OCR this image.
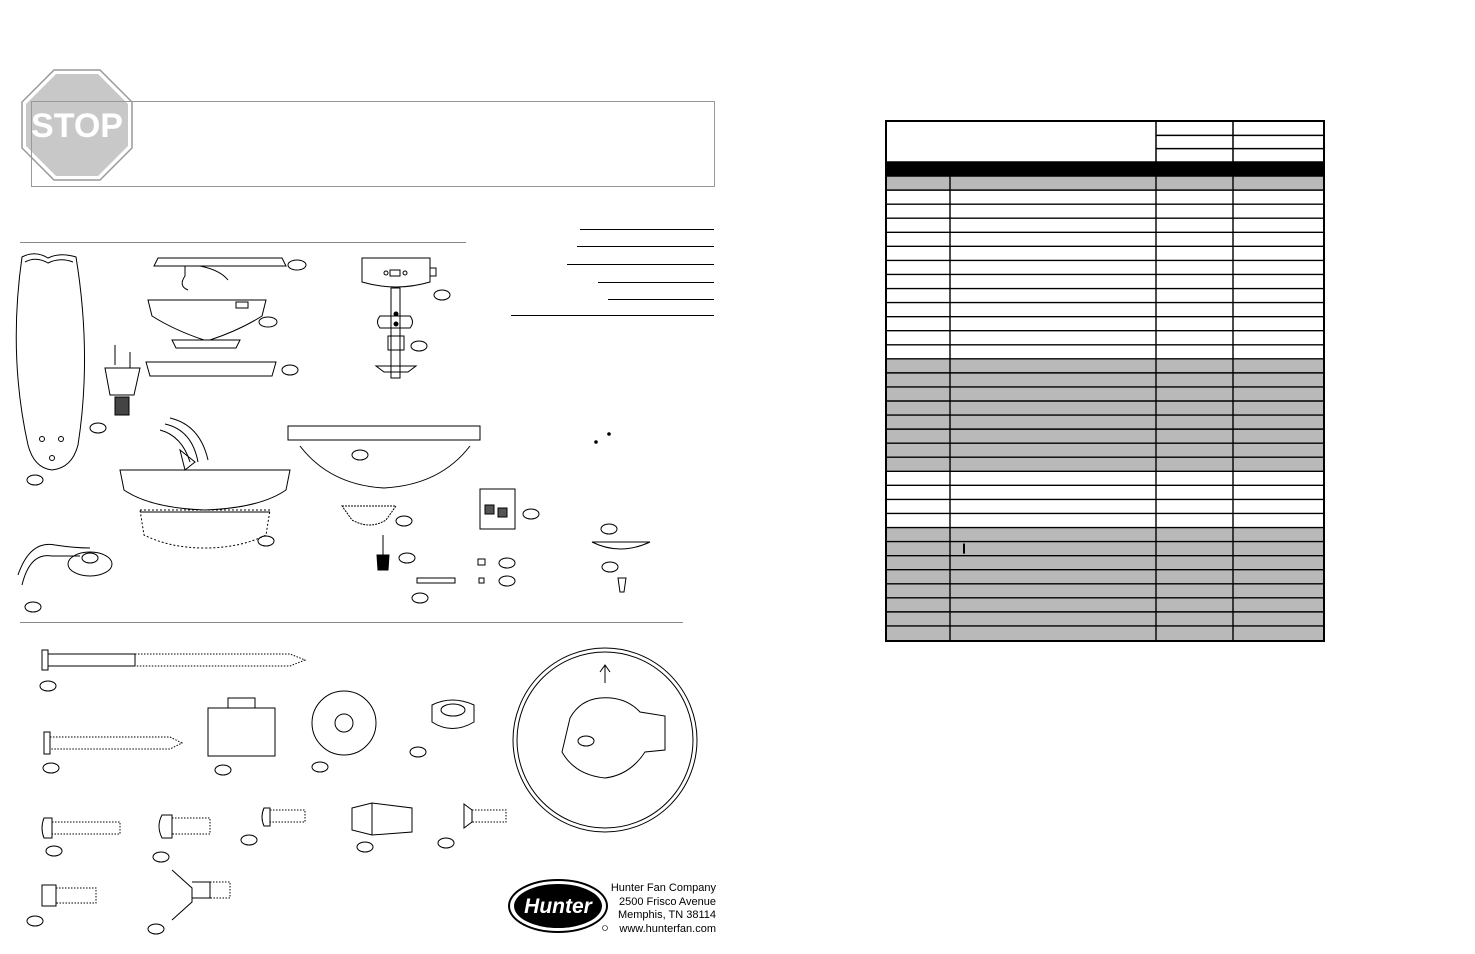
STOP
Hunter
Hunter Fan Company
2500 Frisco Avenue
Memphis, TN 38114
www.hunterfan.com
